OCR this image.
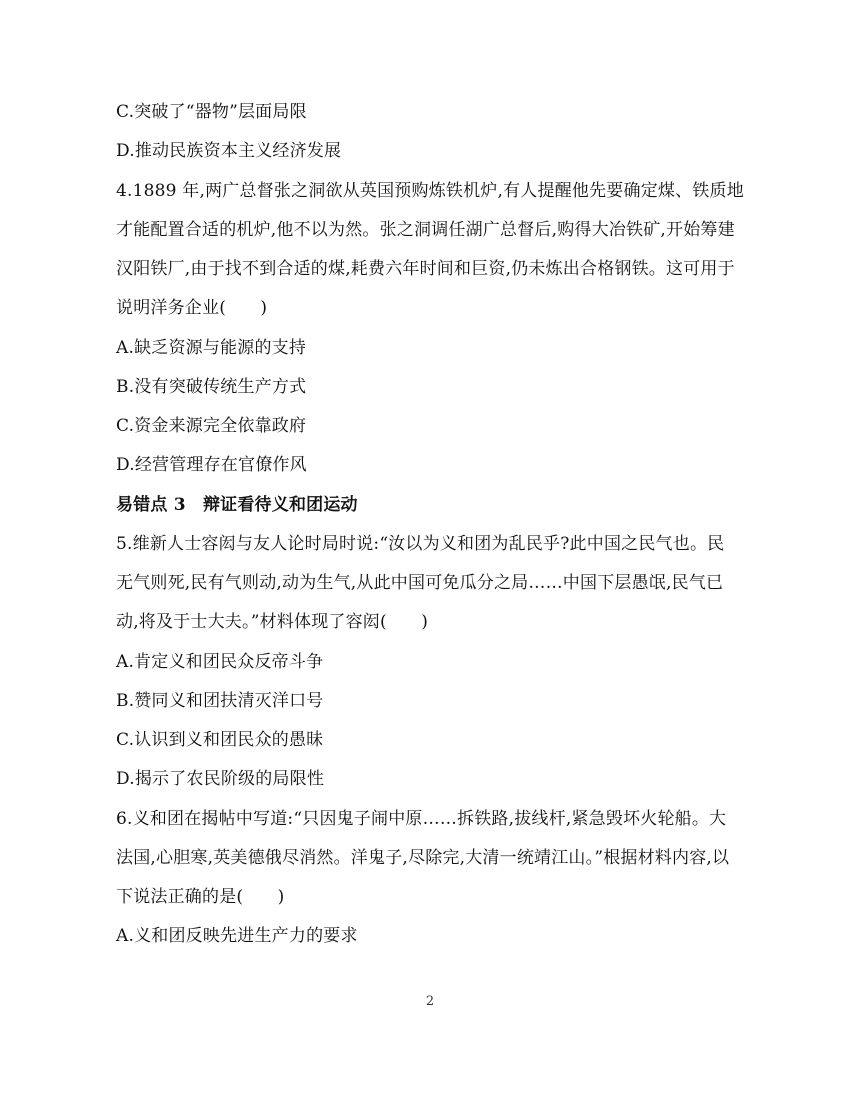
C.突破了“器物”层面局限
D.推动民族资本主义经济发展
4.1889 年,两广总督张之洞欲从英国预购炼铁机炉,有人提醒他先要确定煤、铁质地
才能配置合适的机炉,他不以为然。张之洞调任湖广总督后,购得大冶铁矿,开始筹建
汉阳铁厂,由于找不到合适的煤,耗费六年时间和巨资,仍未炼出合格钢铁。这可用于
说明洋务企业(　　)
A.缺乏资源与能源的支持
B.没有突破传统生产方式
C.资金来源完全依靠政府
D.经营管理存在官僚作风
易错点 3　辩证看待义和团运动
5.维新人士容闳与友人论时局时说:“汝以为义和团为乱民乎?此中国之民气也。民
无气则死,民有气则动,动为生气,从此中国可免瓜分之局……中国下层愚氓,民气已
动,将及于士大夫。”材料体现了容闳(　　)
A.肯定义和团民众反帝斗争
B.赞同义和团扶清灭洋口号
C.认识到义和团民众的愚昧
D.揭示了农民阶级的局限性
6.义和团在揭帖中写道:“只因鬼子闹中原……拆铁路,拔线杆,紧急毁坏火轮船。大
法国,心胆寒,英美德俄尽消然。洋鬼子,尽除完,大清一统靖江山。”根据材料内容,以
下说法正确的是(　　)
A.义和团反映先进生产力的要求
2
